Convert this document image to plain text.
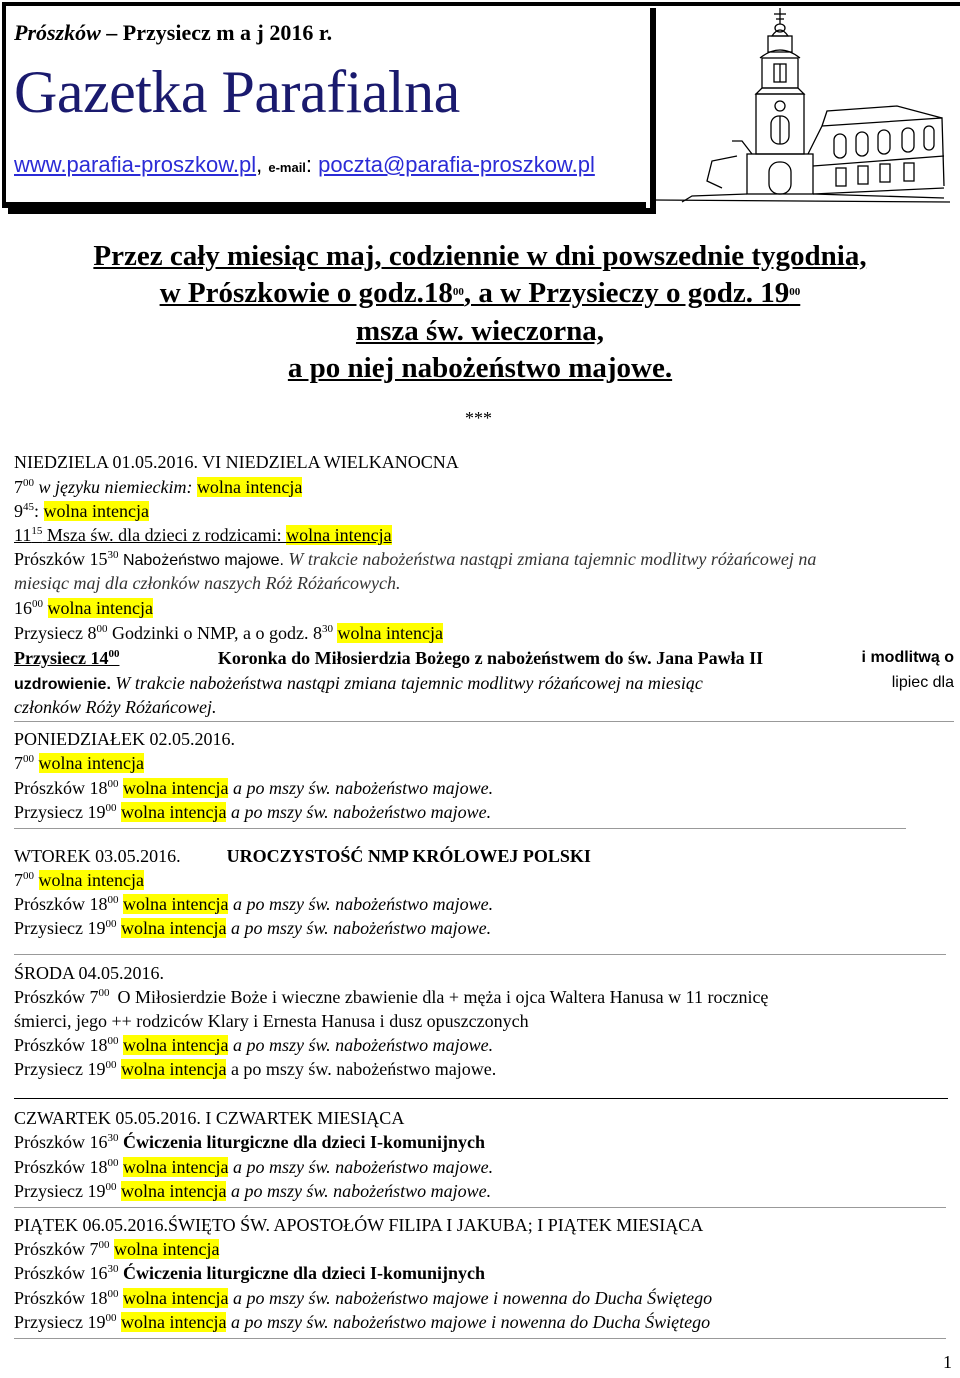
Prószków – Przysiecz m a j 2016 r.
Gazetka Parafialna
www.parafia-proszkow.pl, e-mail: poczta@parafia-proszkow.pl
Przez cały miesiąc maj, codziennie w dni powszednie tygodnia,
w Prószkowie o $godz.18^{00}$, a w Przysieczy o godz. $19^{00}$
msza św. wieczorna,
a po niej nabożeństwo majowe.
***
NIEDZIELA 01.05.2016. VI NIEDZIELA WIELKANOCNA
$7^{00}$ w języku niemieckim: wolna intencja
$9^{45}$: wolna intencja
$11^{15}$ Msza św. dla dzieci z rodzicami: wolna intencja
Prószków $15^{30}$ Nabożeństwo majowe. W trakcie nabożeństwa nastąpi zmiana tajemnic modlitwy różańcowej na
miesiąc maj dla członków naszych Róż Różańcowych.
$16^{00}$ wolna intencja
Przysiecz $8^{00}$ Godzinki o NMP, a o godz. $8^{30}$ wolna intencja
Przysiecz $14^{00}$	Koronka do Miłosierdzia Bożego z nabożeństwem do św. Jana Pawła II	i modlitwą o
uzdrowienie. W trakcie nabożeństwa nastąpi zmiana tajemnic modlitwy różańcowej na miesiąc	lipiec dla
członków Róży Różańcowej.
PONIEDZIAŁEK 02.05.2016.
$7^{00}$ wolna intencja
Prószków $18^{00}$ wolna intencja a po mszy św. nabożeństwo majowe.
Przysiecz $19^{00}$ wolna intencja a po mszy św. nabożeństwo majowe.
WTOREK 03.05.2016.	UROCZYSTOŚĆ NMP KRÓLOWEJ POLSKI
$7^{00}$ wolna intencja
Prószków $18^{00}$ wolna intencja a po mszy św. nabożeństwo majowe.
Przysiecz $19^{00}$ wolna intencja a po mszy św. nabożeństwo majowe.
ŚRODA 04.05.2016.
Prószków $7^{00}$ O Miłosierdzie Boże i wieczne zbawienie dla + męża i ojca Waltera Hanusa w 11 rocznicę
śmierci, jego ++ rodziców Klary i Ernesta Hanusa i dusz opuszczonych
Prószków $18^{00}$ wolna intencja a po mszy św. nabożeństwo majowe.
Przysiecz $19^{00}$ wolna intencja a po mszy św. nabożeństwo majowe.
CZWARTEK 05.05.2016. I CZWARTEK MIESIĄCA
Prószków $16^{30}$ Ćwiczenia liturgiczne dla dzieci I-komunijnych
Prószków $18^{00}$ wolna intencja a po mszy św. nabożeństwo majowe.
Przysiecz $19^{00}$ wolna intencja a po mszy św. nabożeństwo majowe.
PIĄTEK 06.05.2016.ŚWIĘTO ŚW. APOSTOŁÓW FILIPA I JAKUBA; I PIĄTEK MIESIĄCA
Prószków $7^{00}$ wolna intencja
Prószków $16^{30}$ Ćwiczenia liturgiczne dla dzieci I-komunijnych
Prószków $18^{00}$ wolna intencja a po mszy św. nabożeństwo majowe i nowenna do Ducha Świętego
Przysiecz $19^{00}$ wolna intencja a po mszy św. nabożeństwo majowe i nowenna do Ducha Świętego
1
